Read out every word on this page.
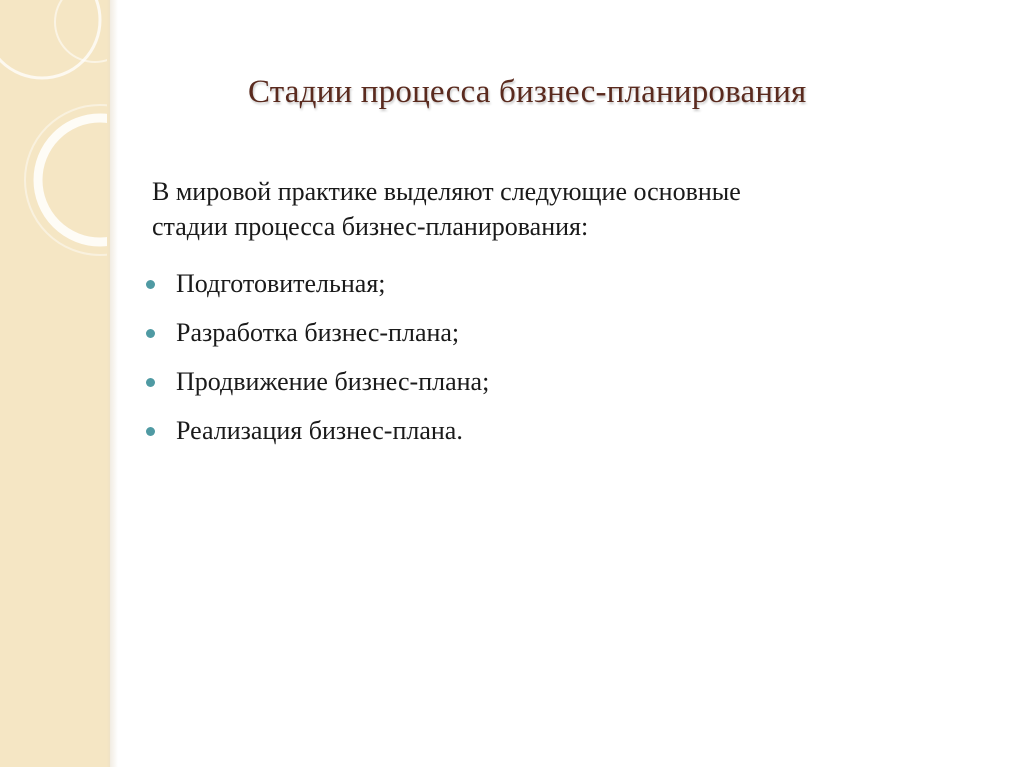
Стадии процесса бизнес-планирования
В мировой практике выделяют следующие основные
стадии процесса бизнес-планирования:
Подготовительная;
Разработка бизнес-плана;
Продвижение бизнес-плана;
Реализация бизнес-плана.
